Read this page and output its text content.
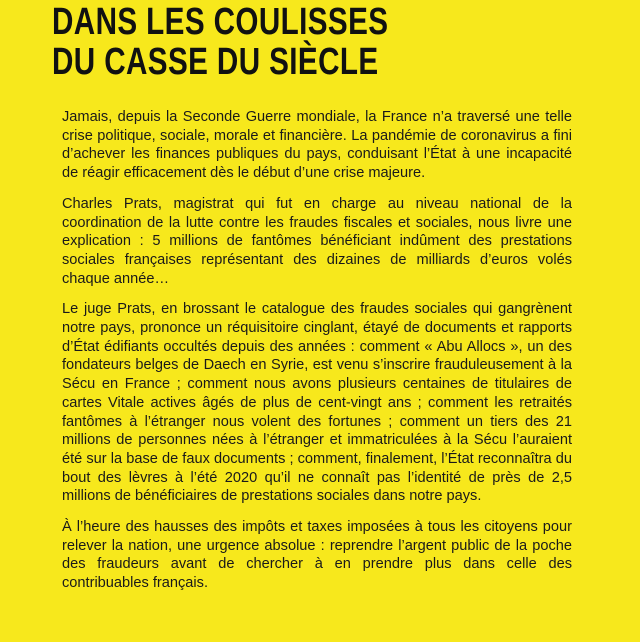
DANS LES COULISSES
DU CASSE DU SIÈCLE

Jamais, depuis la Seconde Guerre mondiale, la France n’a traversé une telle crise politique, sociale, morale et financière. La pandémie de coronavirus a fini d’achever les finances publiques du pays, conduisant l’État à une incapacité de réagir efficacement dès le début d’une crise majeure.

Charles Prats, magistrat qui fut en charge au niveau national de la coordination de la lutte contre les fraudes fiscales et sociales, nous livre une explication : 5 millions de fantômes bénéficiant indûment des prestations sociales françaises représentant des dizaines de milliards d’euros volés chaque année…

Le juge Prats, en brossant le catalogue des fraudes sociales qui gangrènent notre pays, prononce un réquisitoire cinglant, étayé de documents et rapports d’État édifiants occultés depuis des années : comment « Abu Allocs », un des fondateurs belges de Daech en Syrie, est venu s’inscrire frauduleusement à la Sécu en France ; comment nous avons plusieurs centaines de titulaires de cartes Vitale actives âgés de plus de cent-vingt ans ; comment les retraités fantômes à l’étranger nous volent des fortunes ; comment un tiers des 21 millions de personnes nées à l’étranger et immatriculées à la Sécu l’auraient été sur la base de faux documents ; comment, finalement, l’État reconnaîtra du bout des lèvres à l’été 2020 qu’il ne connaît pas l’identité de près de 2,5 millions de bénéficiaires de prestations sociales dans notre pays.

À l’heure des hausses des impôts et taxes imposées à tous les citoyens pour relever la nation, une urgence absolue : reprendre l’argent public de la poche des fraudeurs avant de chercher à en prendre plus dans celle des contribuables français.
